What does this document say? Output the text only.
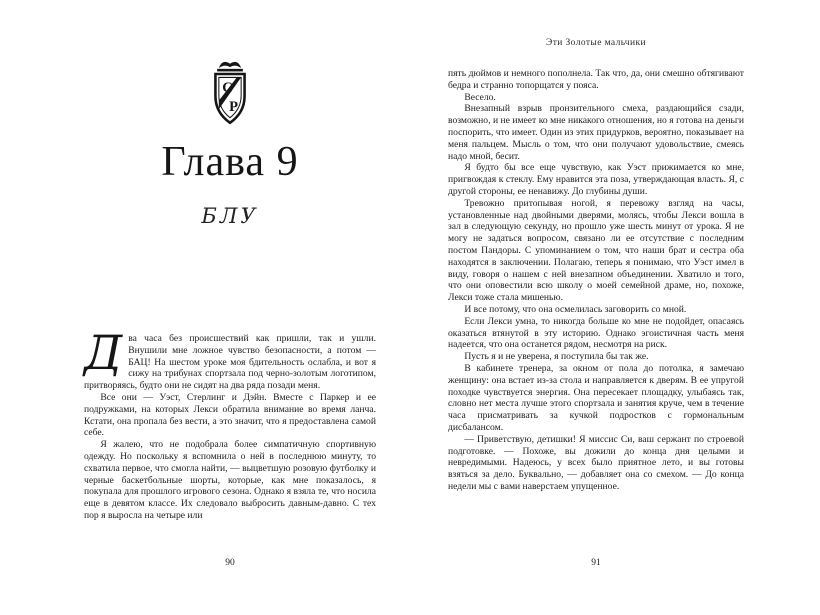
С
Р
Глава 9
БЛУ

Два часа без происшествий как пришли, так и ушли. Внушили мне ложное чувство безопасности, а потом — БАЦ! На шестом уроке моя бдительность ослабла, и вот я сижу на трибунах спортзала под черно-золотым логотипом, притворяясь, будто они не сидят на два ряда позади меня.

Все они — Уэст, Стерлинг и Дэйн. Вместе с Паркер и ее подружками, на которых Лекси обратила внимание во время ланча. Кстати, она пропала без вести, а это значит, что я предоставлена самой себе.

Я жалею, что не подобрала более симпатичную спортивную одежду. Но поскольку я вспомнила о ней в последнюю минуту, то схватила первое, что смогла найти, — выцветшую розовую футболку и черные баскетбольные шорты, которые, как мне показалось, я покупала для прошлого игрового сезона. Однако я взяла те, что носила еще в девятом классе. Их следовало выбросить давным-давно. С тех пор я выросла на четыре или

90
Эти Золотые мальчики

пять дюймов и немного пополнела. Так что, да, они смешно обтягивают бедра и странно топорщатся у пояса.

Весело.

Внезапный взрыв пронзительного смеха, раздающийся сзади, возможно, и не имеет ко мне никакого отношения, но я готова на деньги поспорить, что имеет. Один из этих придурков, вероятно, показывает на меня пальцем. Мысль о том, что они получают удовольствие, смеясь надо мной, бесит.

Я будто бы все еще чувствую, как Уэст прижимается ко мне, пригвождая к стеклу. Ему нравится эта поза, утверждающая власть. Я, с другой стороны, ее ненавижу. До глубины души.

Тревожно притопывая ногой, я перевожу взгляд на часы, установленные над двойными дверями, молясь, чтобы Лекси вошла в зал в следующую секунду, но прошло уже шесть минут от урока. Я не могу не задаться вопросом, связано ли ее отсутствие с последним постом Пандоры. С упоминанием о том, что наши брат и сестра оба находятся в заключении. Полагаю, теперь я понимаю, что Уэст имел в виду, говоря о нашем с ней внезапном объединении. Хватило и того, что они оповестили всю школу о моей семейной драме, но, похоже, Лекси тоже стала мишенью.

И все потому, что она осмелилась заговорить со мной.

Если Лекси умна, то никогда больше ко мне не подойдет, опасаясь оказаться втянутой в эту историю. Однако эгоистичная часть меня надеется, что она останется рядом, несмотря на риск.

Пусть я и не уверена, я поступила бы так же.

В кабинете тренера, за окном от пола до потолка, я замечаю женщину: она встает из-за стола и направляется к дверям. В ее упругой походке чувствуется энергия. Она пересекает площадку, улыбаясь так, словно нет места лучше этого спортзала и занятия круче, чем в течение часа присматривать за кучкой подростков с гормональным дисбалансом.

— Приветствую, детишки! Я миссис Си, ваш сержант по строевой подготовке. — Похоже, вы дожили до конца дня целыми и невредимыми. Надеюсь, у всех было приятное лето, и вы готовы взяться за дело. Буквально, — добавляет она со смехом. — До конца недели мы с вами наверстаем упущенное.

91
